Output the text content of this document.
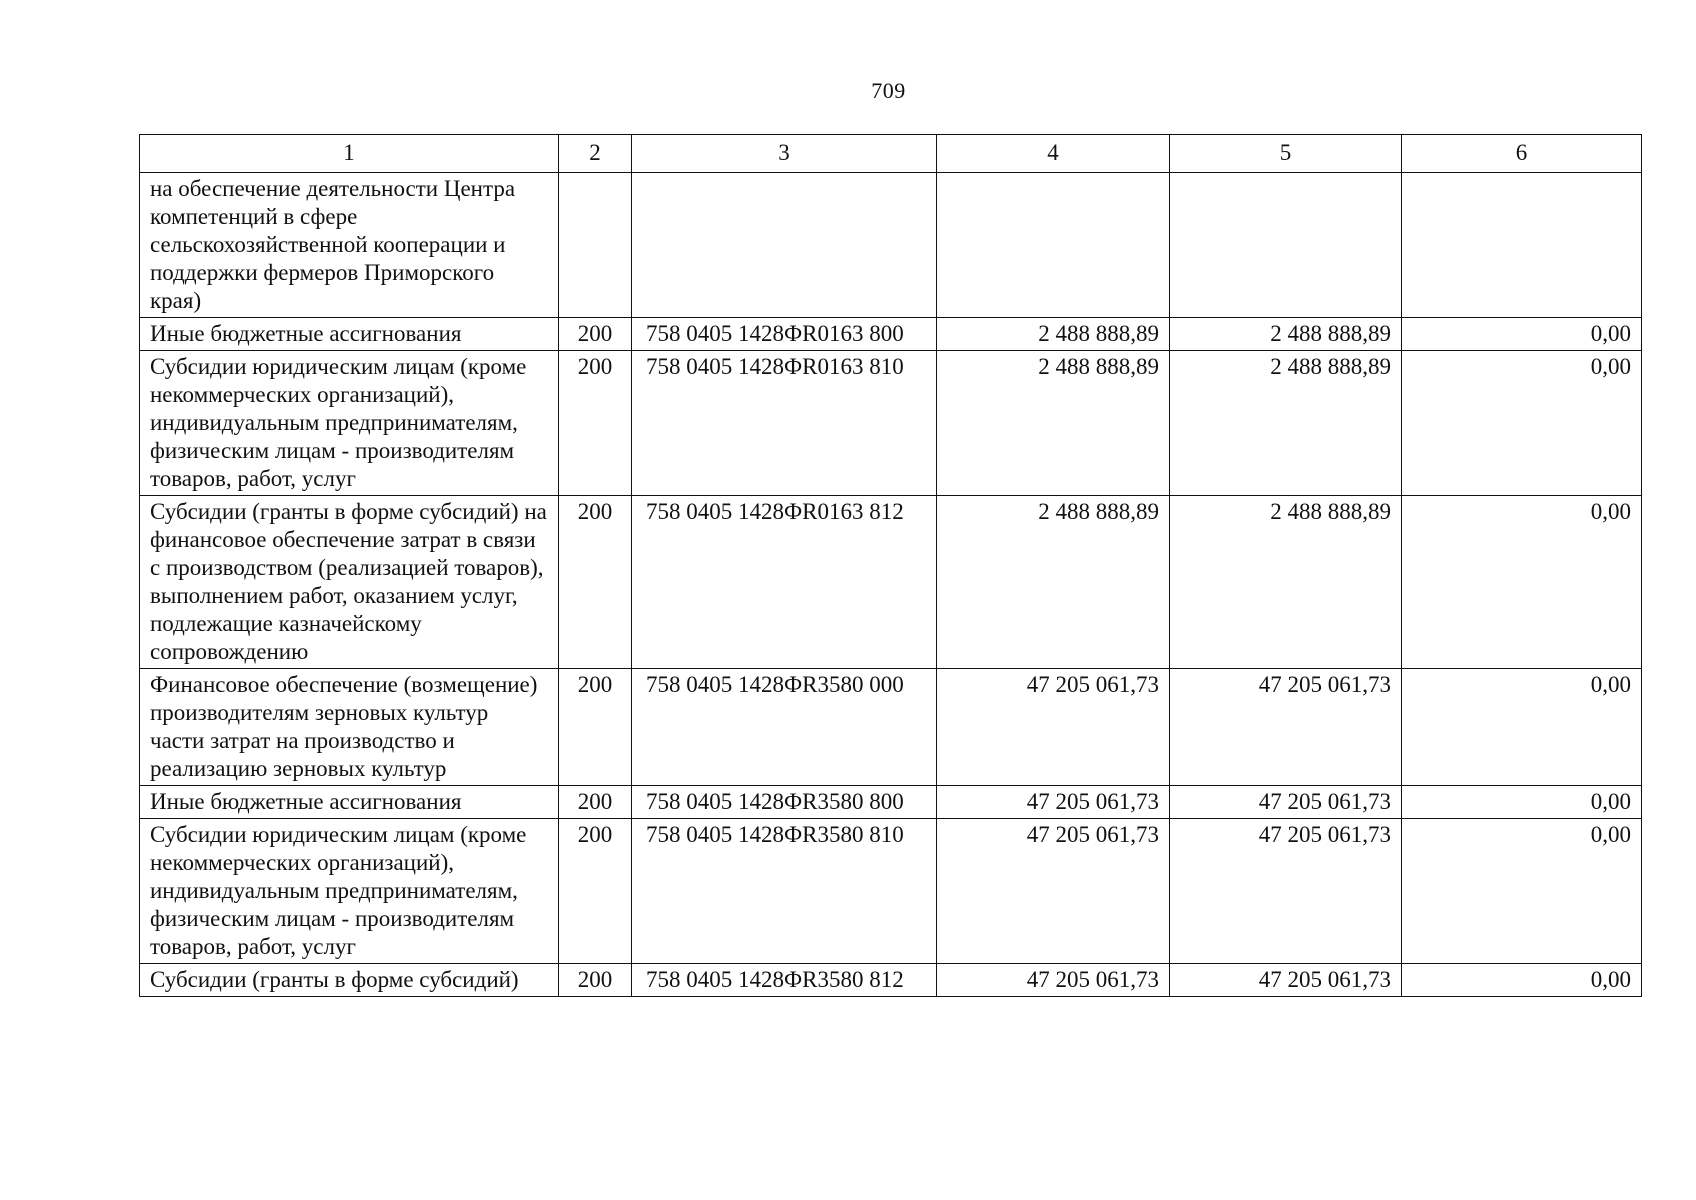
709
1	2	3	4	5	6
на обеспечение деятельности Центра компетенций в сфере сельскохозяйственной кооперации и поддержки фермеров Приморского края)					
Иные бюджетные ассигнования	200	758 0405 1428ФR0163 800	2 488 888,89	2 488 888,89	0,00
Субсидии юридическим лицам (кроме некоммерческих организаций), индивидуальным предпринимателям, физическим лицам - производителям товаров, работ, услуг	200	758 0405 1428ФR0163 810	2 488 888,89	2 488 888,89	0,00
Субсидии (гранты в форме субсидий) на финансовое обеспечение затрат в связи с производством (реализацией товаров), выполнением работ, оказанием услуг, подлежащие казначейскому сопровождению	200	758 0405 1428ФR0163 812	2 488 888,89	2 488 888,89	0,00
Финансовое обеспечение (возмещение) производителям зерновых культур части затрат на производство и реализацию зерновых культур	200	758 0405 1428ФR3580 000	47 205 061,73	47 205 061,73	0,00
Иные бюджетные ассигнования	200	758 0405 1428ФR3580 800	47 205 061,73	47 205 061,73	0,00
Субсидии юридическим лицам (кроме некоммерческих организаций), индивидуальным предпринимателям, физическим лицам - производителям товаров, работ, услуг	200	758 0405 1428ФR3580 810	47 205 061,73	47 205 061,73	0,00
Субсидии (гранты в форме субсидий)	200	758 0405 1428ФR3580 812	47 205 061,73	47 205 061,73	0,00
